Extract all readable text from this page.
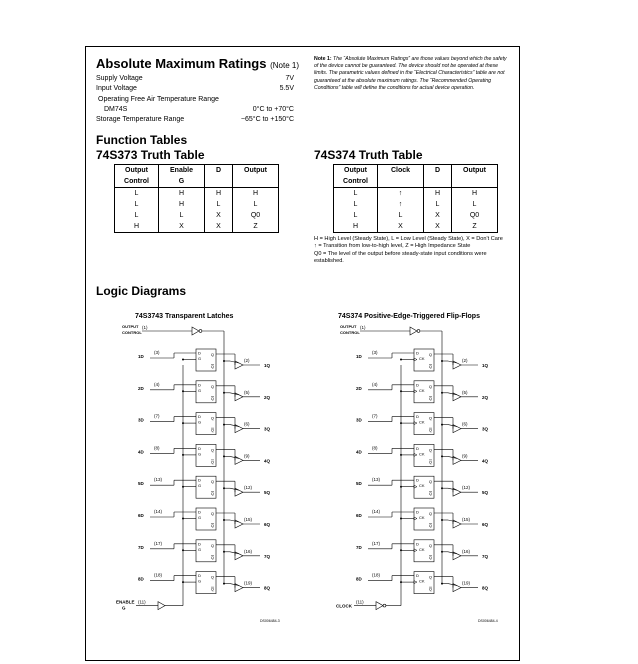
Absolute Maximum Ratings (Note 1)
Supply Voltage	7V
Input Voltage	5.5V
Operating Free Air Temperature Range
DM74S	0°C to +70°C
Storage Temperature Range	−65°C to +150°C
Note 1: The “Absolute Maximum Ratings” are those values beyond which the safety of the device cannot be guaranteed. The device should not be operated at these limits. The parametric values defined in the “Electrical Characteristics” table are not guaranteed at the absolute maximum ratings. The “Recommended Operating Conditions” table will define the conditions for actual device operation.
Function Tables
74S373 Truth Table	74S374 Truth Table
Output	Enable	D	Output
Control	G		
L	H	H	H
L	H	L	L
L	L	X	Q0
H	X	X	Z
Output	Clock	D	Output
Control			
L	↑	H	H
L	↑	L	L
L	L	X	Q0
H	X	X	Z
H = High Level (Steady State), L = Low Level (Steady State), X = Don't Care
↑ = Transition from low-to-high level, Z = High Impedance State
Q0 = The level of the output before steady-state input conditions were established.
Logic Diagrams
74S3743 Transparent Latches	74S374 Positive-Edge-Triggered Flip-Flops
OUTPUT
CONTROL
(1)
1D
(3)	D
G
Q
Q
(2)
1Q
2D
(4)	D
G
Q
Q
(5)
2Q
3D
(7)	D
G
Q
Q
(6)
3Q
4D
(8)	D
G
Q
Q
(9)
4Q
5D
(13)	D
G
Q
Q
(12)
5Q
6D
(14)	D
G
Q
Q
(15)
6Q
7D
(17)	D
G
Q
Q
(16)
7Q
8D
(18)	D
G
Q
Q
(19)
8Q
ENABLE
G
(11)
DS006484-3
OUTPUT
CONTROL
(1)
1D
(3)	D
CK
Q
Q
(2)
1Q
2D
(4)	D
CK
Q
Q
(5)
2Q
3D
(7)	D
CK
Q
Q
(6)
3Q
4D
(8)	D
CK
Q
Q
(9)
4Q
5D
(13)	D
CK
Q
Q
(12)
5Q
6D
(14)	D
CK
Q
Q
(15)
6Q
7D
(17)	D
CK
Q
Q
(16)
7Q
8D
(18)	D
CK
Q
Q
(19)
8Q
CLOCK
(11)
DS006484-4
